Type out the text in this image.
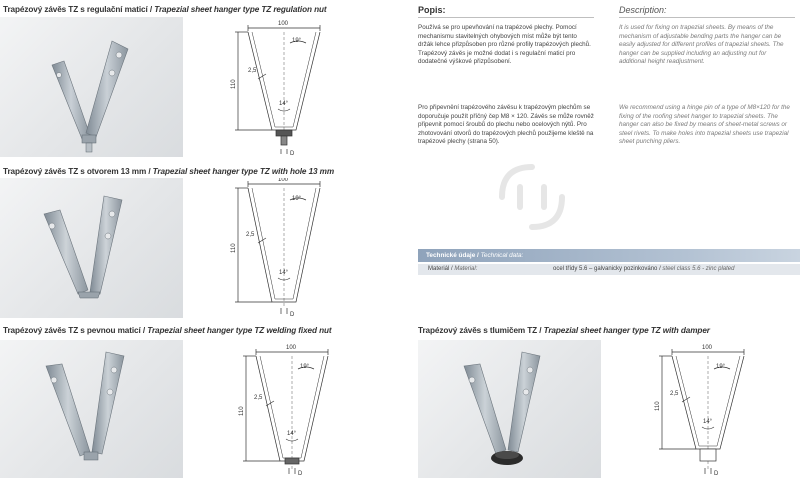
Trapézový závěs TZ s regulační maticí / Trapezial sheet hanger type TZ regulation nut
Trapézový závěs TZ s otvorem 13 mm / Trapezial sheet hanger type TZ with hole 13 mm
Trapézový závěs TZ s pevnou maticí / Trapezial sheet hanger type TZ welding fixed nut	Trapézový závěs s tlumičem TZ / Trapezial sheet hanger type TZ with damper
100
19°
2,5
110
14°
D
100
19°
2,5
110
14°
D
100
19°
2,5
110
14°
D
100
19°
2,5
110
14°
D
Popis:

Používá se pro upevňování na trapézové plechy. Pomocí mechanismu stavitelných ohybových míst může být tento držák lehce přizpůsoben pro různé profily trapézových plechů. Trapézový závěs je možné dodat i s regulační maticí pro dodatečné výškové přizpůsobení.

Pro připevnění trapézového závěsu k trapézovým plechům se doporučuje použít příčný čep M8 × 120. Závěs se může rovněž připevnit pomocí šroubů do plechu nebo ocelových nýtů. Pro zhotovování otvorů do trapézových plechů použijeme kleště na trapézové plechy (strana 50).

Description:

It is used for fixing on trapezial sheets. By means of the mechanism of adjustable bending parts the hanger can be easily adjusted for different profiles of trapezial sheets. The hanger can be supplied including an adjusting nut for additional height readjustment.

We recommend using a hinge pin of a type of M8×120 for the fixing of the roofing sheet hanger to trapezial sheets. The hanger can also be fixed by means of sheet-metal screws or steel rivets. To make holes into trapezial sheets use trapezial sheet punching pliers.

Technické údaje / Technical data:
Materiál / Material:	ocel třídy 5.6 – galvanicky pozinkováno / steel class 5.6 - zinc plated
